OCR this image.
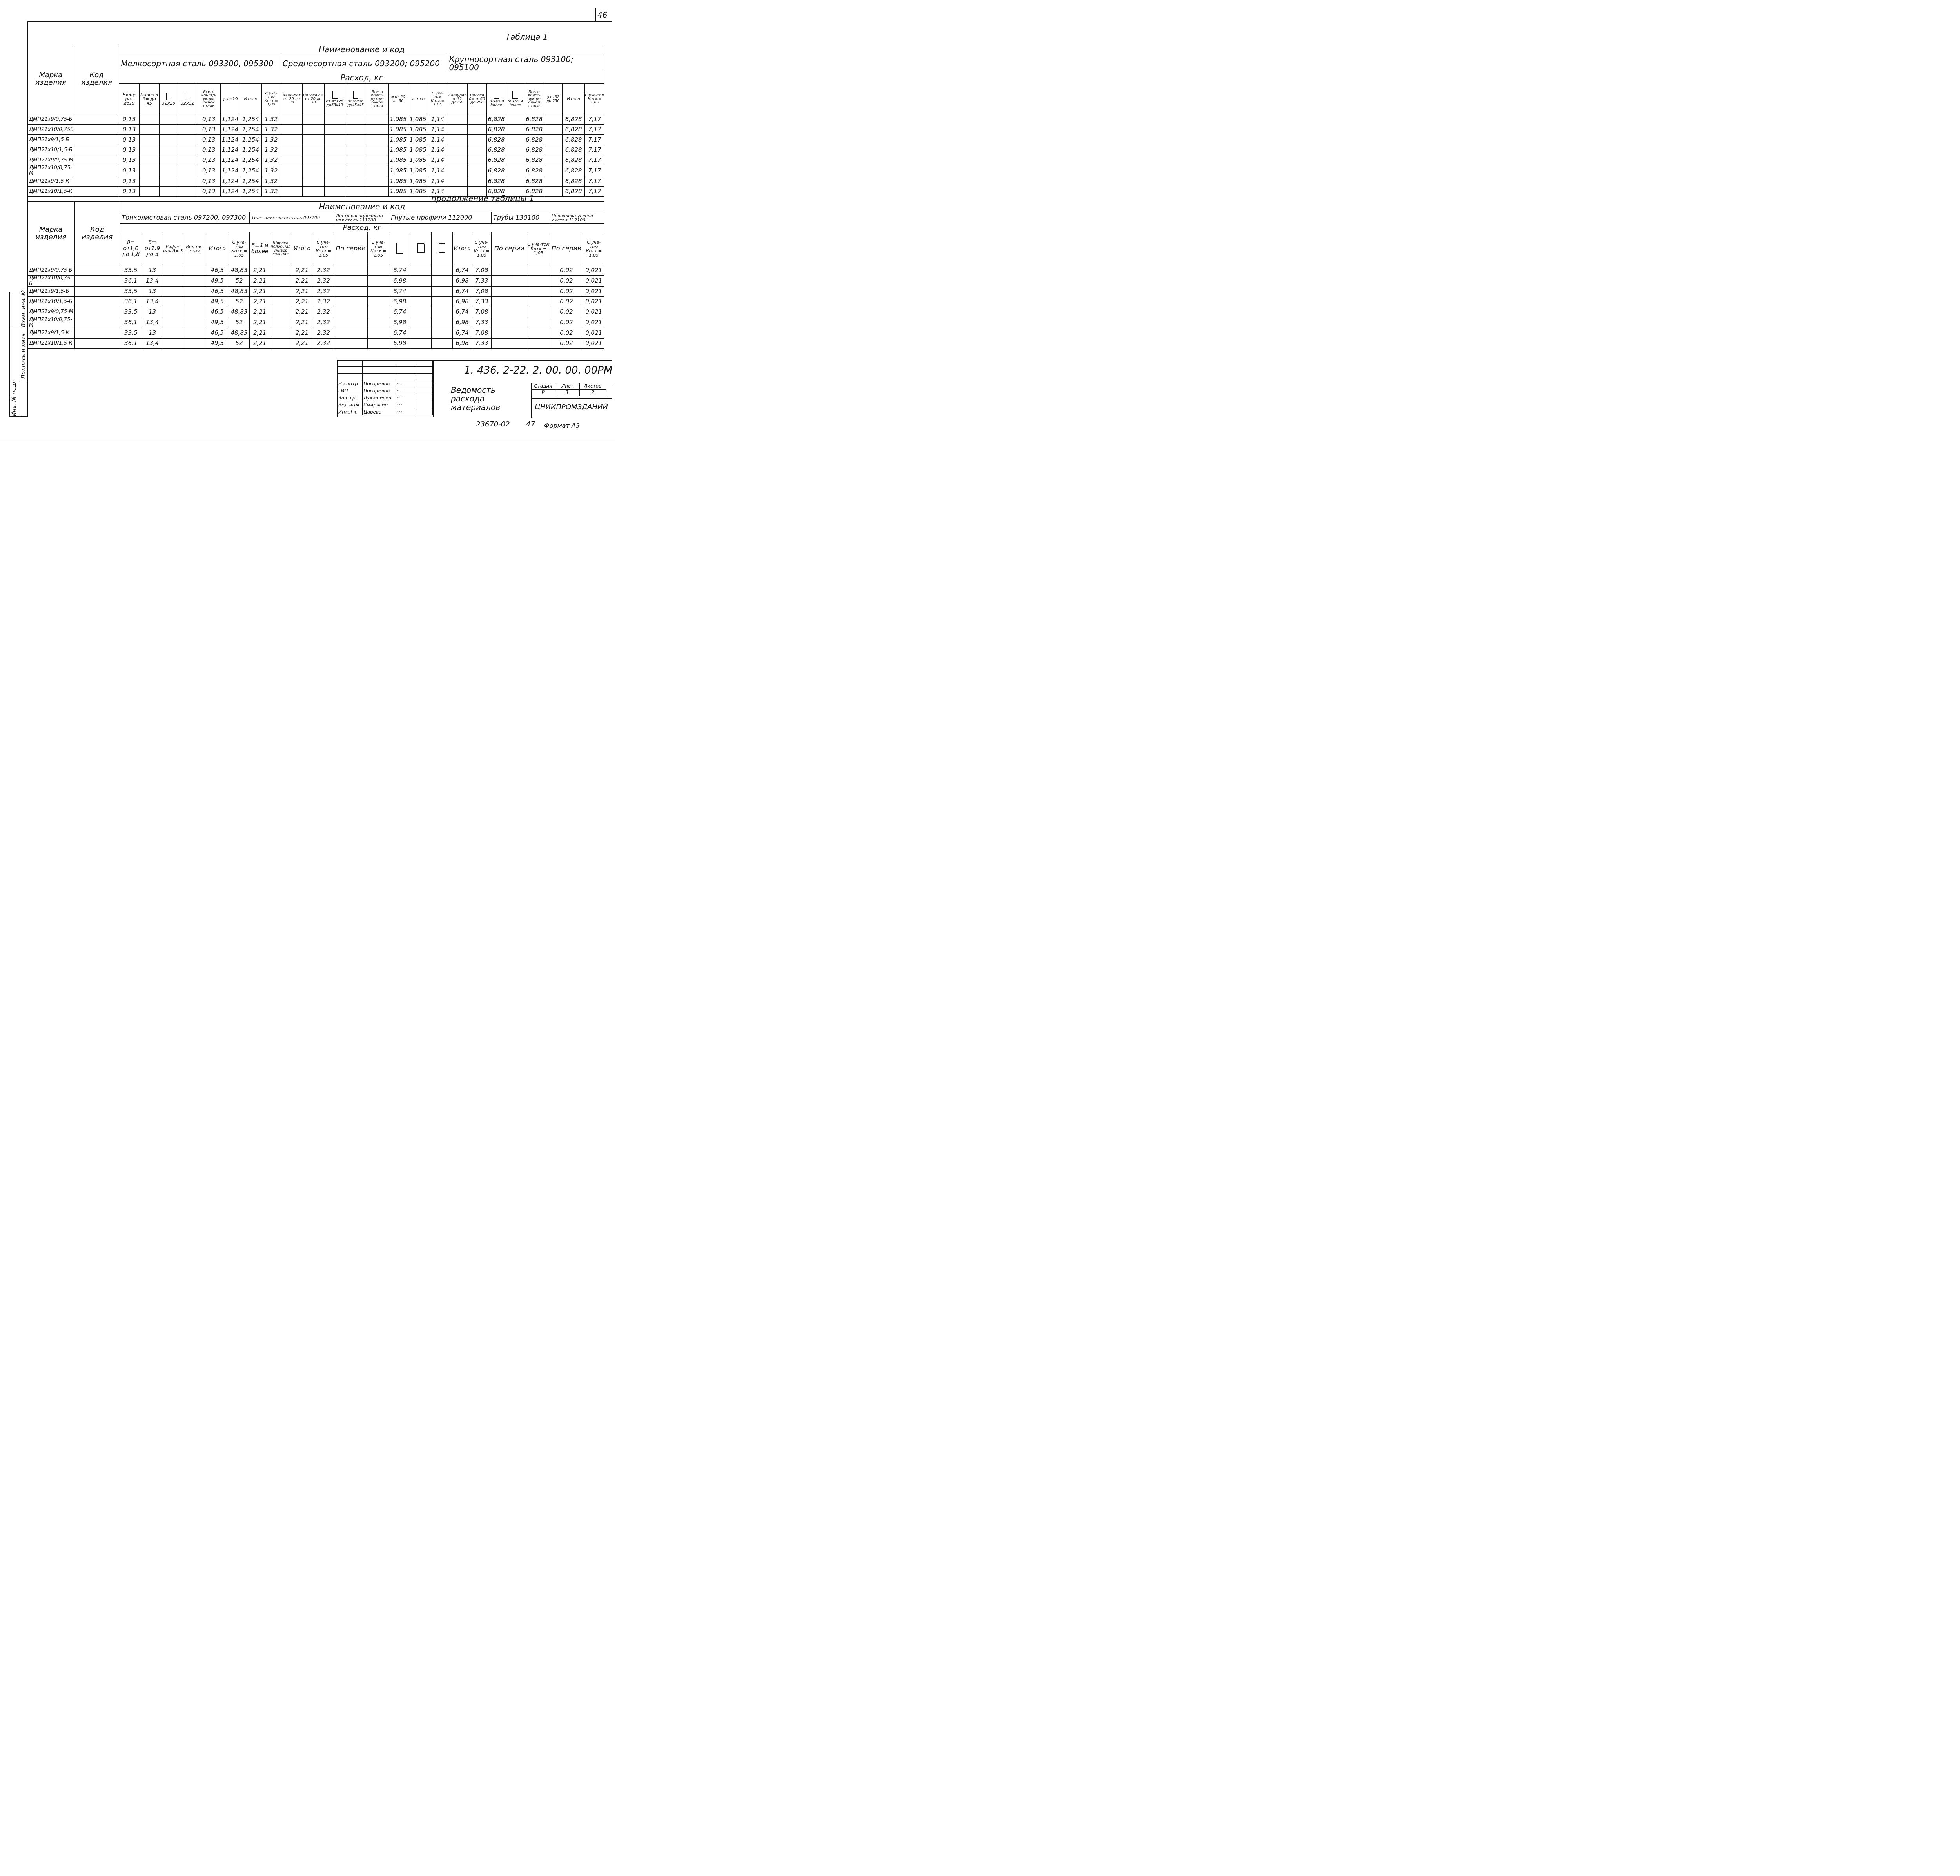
46
Инв. № подл
Подпись и дата
Взам. инв. №
Таблица 1
Марка изделия	Код изделия	Наименование и код																							
		Мелкосортная сталь 093300, 095300								Среднесортная сталь 093200; 095200								Крупносортная сталь 093100; 095100							
		Расход, кг																							
		Квад-рат до19	Поло-са δ= до 45	32x20	32x32	Всего констр-укции онной стали	φ до19	Итого	С уче-том Котх.= 1,05	Квад-рат от 20 до 30	Полоса δ= от 20 до 30	от 45x28 до63x40	от36x36 до45x45	Всего конст-рукци-онной стали	φ от 20 до 30	Итого	С уче-том Котх.= 1,05	Квад-рат от32 до250	Полоса δ= от60 до 200	70x45 и более	50x50 и более	Всего конст-рукци-онной стали	φ от32 до 250	Итого	С уче-том Котх.= 1,05
ДМП21x9/0,75-Б		0,13				0,13	1,124	1,254	1,32						1,085	1,085	1,14			6,828		6,828		6,828	7,17
ДМП21x10/0,75Б		0,13				0,13	1,124	1,254	1,32						1,085	1,085	1,14			6,828		6,828		6,828	7,17
ДМП21x9/1,5-Б		0,13				0,13	1,124	1,254	1,32						1,085	1,085	1,14			6,828		6,828		6,828	7,17
ДМП21x10/1,5-Б		0,13				0,13	1,124	1,254	1,32						1,085	1,085	1,14			6,828		6,828		6,828	7,17
ДМП21x9/0,75-М		0,13				0,13	1,124	1,254	1,32						1,085	1,085	1,14			6,828		6,828		6,828	7,17
ДМП21x10/0,75-М		0,13				0,13	1,124	1,254	1,32						1,085	1,085	1,14			6,828		6,828		6,828	7,17
ДМП21x9/1,5-К		0,13				0,13	1,124	1,254	1,32						1,085	1,085	1,14			6,828		6,828		6,828	7,17
ДМП21x10/1,5-К		0,13				0,13	1,124	1,254	1,32						1,085	1,085	1,14			6,828		6,828		6,828	7,17
продолжение таблицы 1
Марка изделия	Код изделия	Наименование и код																				
		Тонколистовая сталь 097200, 097300						Толстолистовая сталь 097100				Листовая оцинкован-ная сталь 111100		Гнутые профили 112000					Трубы 130100		Проволока углеро-дистая 112100	
		Расход, кг																				
		δ= от1,0 до 1,8	δ= от1,9 до 3	Рифле ная δ= 3	Вол-ни-стая	Итого	С уче-том Котх.= 1,05	δ=4 и более	Широко полос-ная универ сальная	Итого	С уче-том Котх.= 1,05	По серии	С уче-том Котх.= 1,05				Итого	С уче-том Котх.= 1,05	По серии	С уче-том Котх.= 1,05	По серии	С уче-том Котх.= 1,05
ДМП21x9/0,75-Б		33,5	13			46,5	48,83	2,21		2,21	2,32			6,74			6,74	7,08			0,02	0,021
ДМП21x10/0,75-Б		36,1	13,4			49,5	52	2,21		2,21	2,32			6,98			6,98	7,33			0,02	0,021
ДМП21x9/1,5-Б		33,5	13			46,5	48,83	2,21		2,21	2,32			6,74			6,74	7,08			0,02	0,021
ДМП21x10/1,5-Б		36,1	13,4			49,5	52	2,21		2,21	2,32			6,98			6,98	7,33			0,02	0,021
ДМП21x9/0,75-М		33,5	13			46,5	48,83	2,21		2,21	2,32			6,74			6,74	7,08			0,02	0,021
ДМП21x10/0,75-М		36,1	13,4			49,5	52	2,21		2,21	2,32			6,98			6,98	7,33			0,02	0,021
ДМП21x9/1,5-К		33,5	13			46,5	48,83	2,21		2,21	2,32			6,74			6,74	7,08			0,02	0,021
ДМП21x10/1,5-К		36,1	13,4			49,5	52	2,21		2,21	2,32			6,98			6,98	7,33			0,02	0,021

Н.контр.	Погорелов	〰	
ГИП	Погорелов	〰	
Зав. гр.	Лукашевич	〰	
Вед.инж.	Смирягин	〰	
Инж.I к.	Царева	〰	
1. 436. 2-22. 2. 00. 00. 00РМ
Ведомость расхода материалов
Стадия	Лист	Листов
Р	1	2
ЦНИИПРОМЗДАНИЙ
23670-02 47 Формат А3
